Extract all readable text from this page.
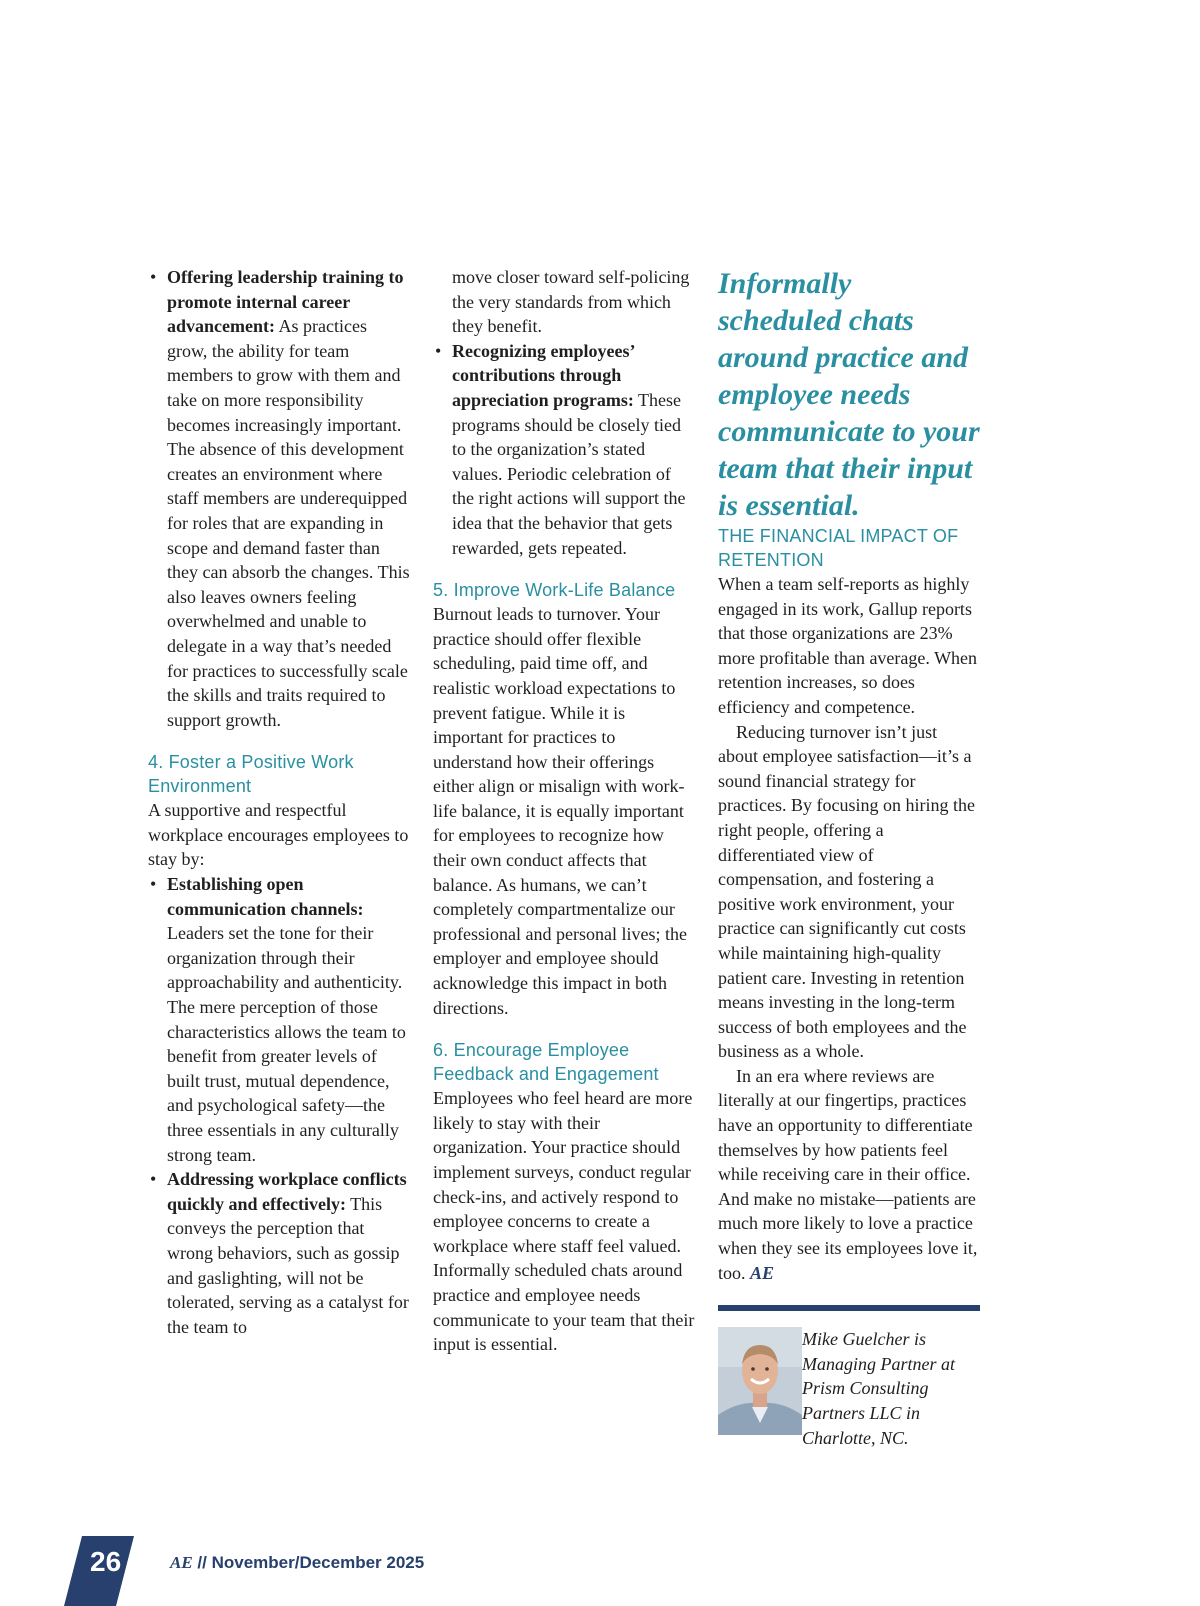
• Offering leadership training to promote internal career advancement: As practices grow, the ability for team members to grow with them and take on more responsibility becomes increasingly important. The absence of this development creates an environment where staff members are underequipped for roles that are expanding in scope and demand faster than they can absorb the changes. This also leaves owners feeling overwhelmed and unable to delegate in a way that’s needed for practices to successfully scale the skills and traits required to support growth.
4. Foster a Positive Work Environment

A supportive and respectful workplace encourages employees to stay by:

• Establishing open communication channels: Leaders set the tone for their organization through their approachability and authenticity. The mere perception of those characteristics allows the team to benefit from greater levels of built trust, mutual dependence, and psychological safety—the three essentials in any culturally strong team.
• Addressing workplace conflicts quickly and effectively: This conveys the perception that wrong behaviors, such as gossip and gaslighting, will not be tolerated, serving as a catalyst for the team to

move closer toward self-policing the very standards from which they benefit.

• Recognizing employees’ contributions through appreciation programs: These programs should be closely tied to the organization’s stated values. Periodic celebration of the right actions will support the idea that the behavior that gets rewarded, gets repeated.
5. Improve Work-Life Balance

Burnout leads to turnover. Your practice should offer flexible scheduling, paid time off, and realistic workload expectations to prevent fatigue. While it is important for practices to understand how their offerings either align or misalign with work-life balance, it is equally important for employees to recognize how their own conduct affects that balance. As humans, we can’t completely compartmentalize our professional and personal lives; the employer and employee should acknowledge this impact in both directions.

6. Encourage Employee Feedback and Engagement

Employees who feel heard are more likely to stay with their organization. Your practice should implement surveys, conduct regular check-ins, and actively respond to employee concerns to create a workplace where staff feel valued. Informally scheduled chats around practice and employee needs communicate to your team that their input is essential.

Informally scheduled chats around practice and employee needs communicate to your team that their input is essential.

THE FINANCIAL IMPACT OF RETENTION

When a team self-reports as highly engaged in its work, Gallup reports that those organizations are 23% more profitable than average. When retention increases, so does efficiency and competence.

Reducing turnover isn’t just about employee satisfaction—it’s a sound financial strategy for practices. By focusing on hiring the right people, offering a differentiated view of compensation, and fostering a positive work environment, your practice can significantly cut costs while maintaining high-quality patient care. Investing in retention means investing in the long-term success of both employees and the business as a whole.

In an era where reviews are literally at our fingertips, practices have an opportunity to differentiate themselves by how patients feel while receiving care in their office. And make no mistake—patients are much more likely to love a practice when they see its employees love it, too. AE

Mike Guelcher is Managing Partner at Prism Consulting Partners LLC in Charlotte, NC.

26	AE // November/December 2025
